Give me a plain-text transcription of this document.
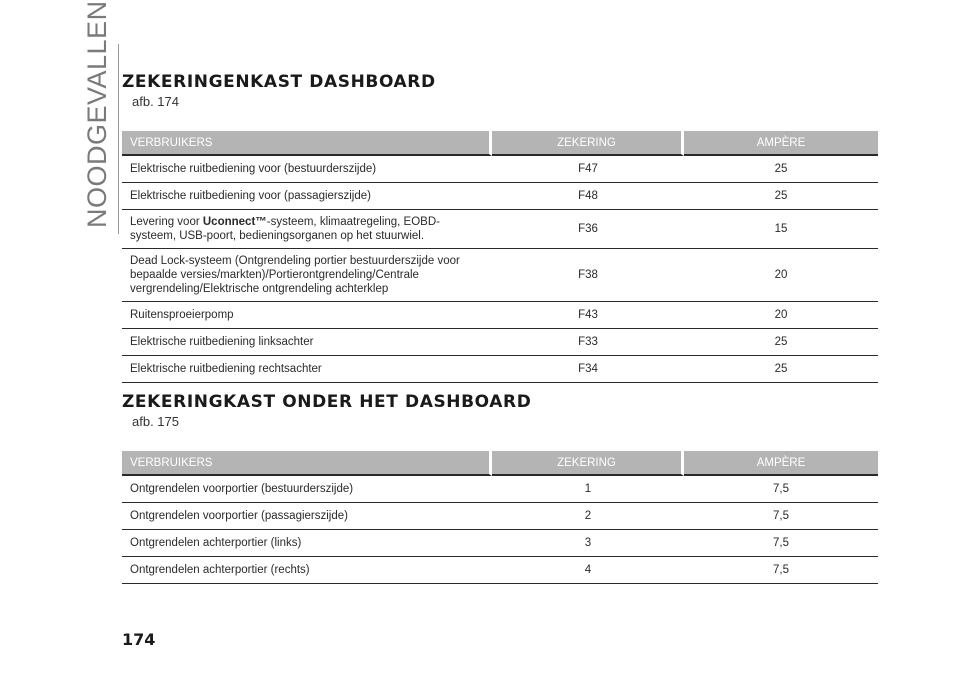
NOODGEVALLEN ZEKERINGENKAST DASHBOARD
afb. 174
VERBRUIKERS	ZEKERING	AMPÈRE
Elektrische ruitbediening voor (bestuurderszijde)	F47	25
Elektrische ruitbediening voor (passagierszijde)	F48	25
Levering voor Uconnect™-systeem, klimaatregeling, EOBD-systeem, USB-poort, bedieningsorganen op het stuurwiel.	F36	15
Dead Lock-systeem (Ontgrendeling portier bestuurderszijde voor bepaalde versies/markten)/Portierontgrendeling/Centrale vergrendeling/Elektrische ontgrendeling achterklep	F38	20
Ruitensproeierpomp	F43	20
Elektrische ruitbediening linksachter	F33	25
Elektrische ruitbediening rechtsachter	F34	25
ZEKERINGKAST ONDER HET DASHBOARD
afb. 175
VERBRUIKERS	ZEKERING	AMPÈRE
Ontgrendelen voorportier (bestuurderszijde)	1	7,5
Ontgrendelen voorportier (passagierszijde)	2	7,5
Ontgrendelen achterportier (links)	3	7,5
Ontgrendelen achterportier (rechts)	4	7,5
174
